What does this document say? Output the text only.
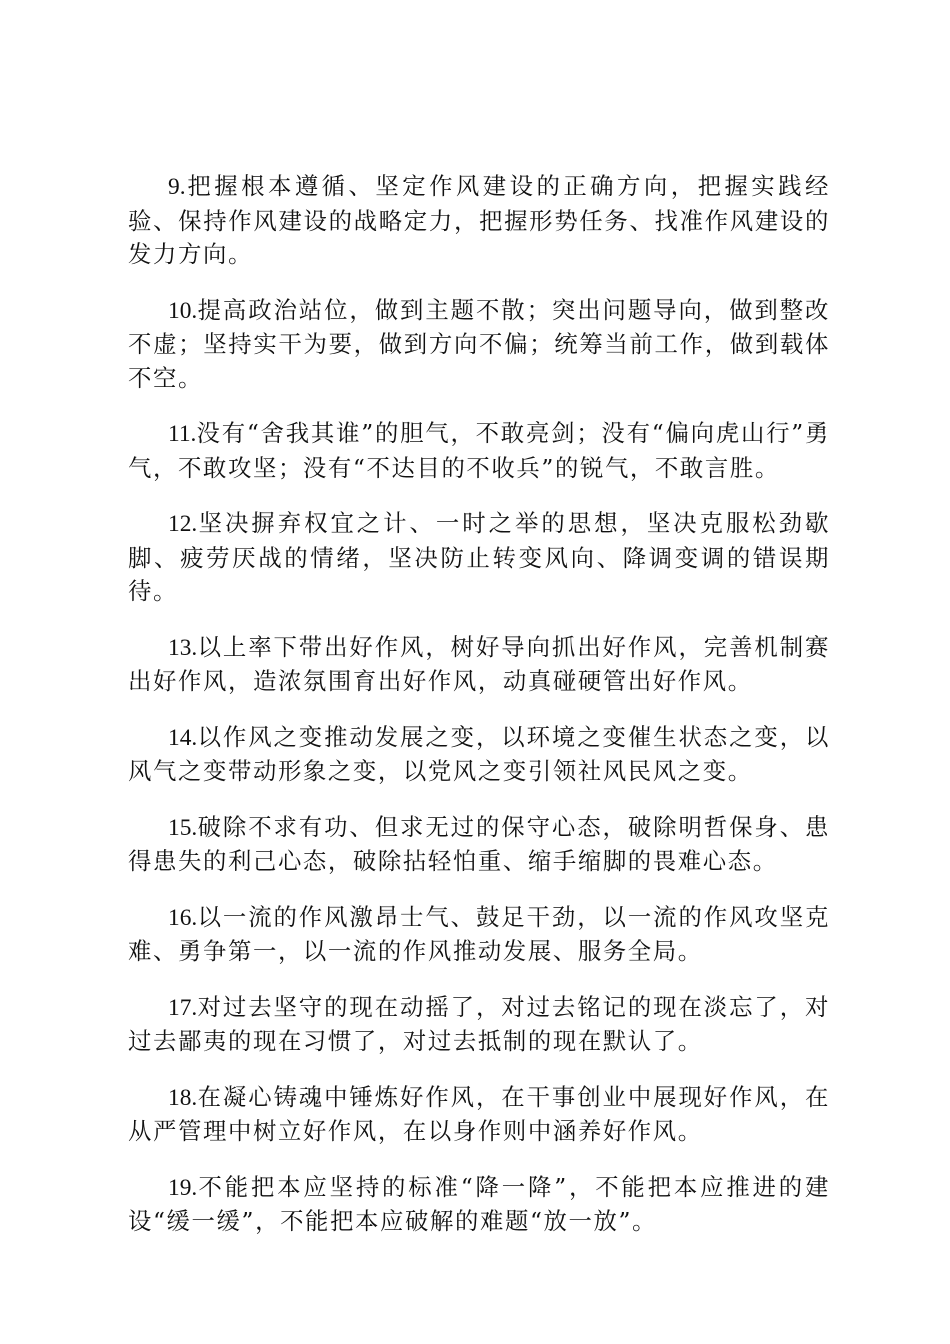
9.把握根本遵循、坚定作风建设的正确方向，把握实践经验、保持作风建设的战略定力，把握形势任务、找准作风建设的发力方向。

10.提高政治站位，做到主题不散；突出问题导向，做到整改不虚；坚持实干为要，做到方向不偏；统筹当前工作，做到载体不空。

11.没有“舍我其谁”的胆气，不敢亮剑；没有“偏向虎山行”勇气，不敢攻坚；没有“不达目的不收兵”的锐气，不敢言胜。

12.坚决摒弃权宜之计、一时之举的思想，坚决克服松劲歇脚、疲劳厌战的情绪，坚决防止转变风向、降调变调的错误期待。

13.以上率下带出好作风，树好导向抓出好作风，完善机制赛出好作风，造浓氛围育出好作风，动真碰硬管出好作风。

14.以作风之变推动发展之变，以环境之变催生状态之变，以风气之变带动形象之变，以党风之变引领社风民风之变。

15.破除不求有功、但求无过的保守心态，破除明哲保身、患得患失的利己心态，破除拈轻怕重、缩手缩脚的畏难心态。

16.以一流的作风激昂士气、鼓足干劲，以一流的作风攻坚克难、勇争第一，以一流的作风推动发展、服务全局。

17.对过去坚守的现在动摇了，对过去铭记的现在淡忘了，对过去鄙夷的现在习惯了，对过去抵制的现在默认了。

18.在凝心铸魂中锤炼好作风，在干事创业中展现好作风，在从严管理中树立好作风，在以身作则中涵养好作风。

19.不能把本应坚持的标准“降一降”，不能把本应推进的建设“缓一缓”，不能把本应破解的难题“放一放”。
